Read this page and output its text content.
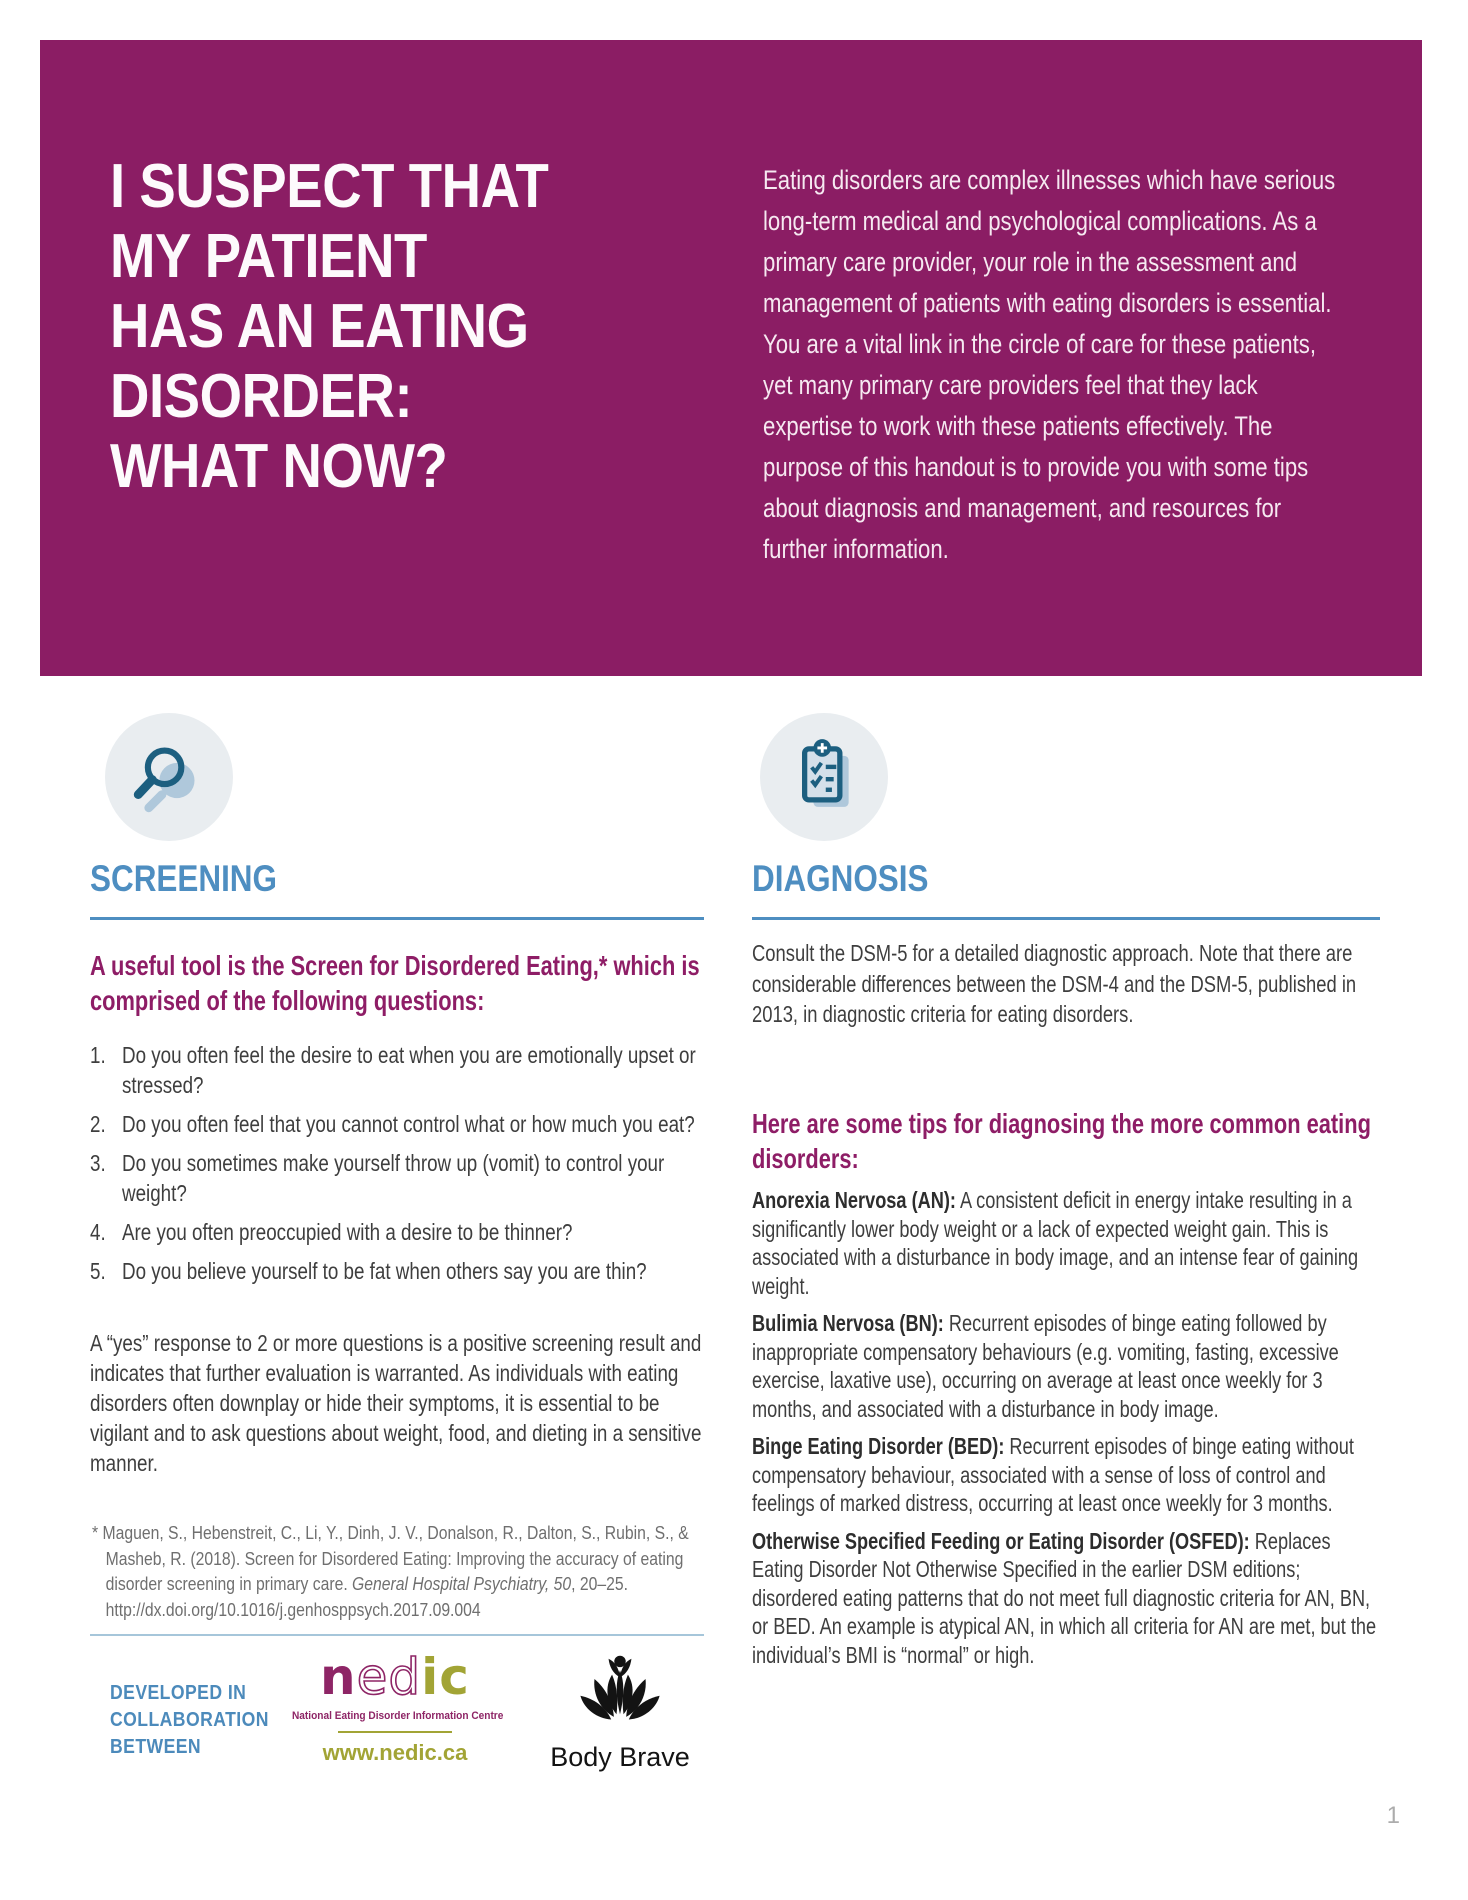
I SUSPECT THAT
MY PATIENT
HAS AN EATING
DISORDER:
WHAT NOW?
Eating disorders are complex illnesses which have serious long-term medical and psychological complications. As a primary care provider, your role in the assessment and management of patients with eating disorders is essential. You are a vital link in the circle of care for these patients, yet many primary care providers feel that they lack expertise to work with these patients effectively. The purpose of this handout is to provide you with some tips about diagnosis and management, and resources for further information.
SCREENING	DIAGNOSIS
A useful tool is the Screen for Disordered Eating,* which is comprised of the following questions:
1. Do you often feel the desire to eat when you are emotionally upset or stressed?
2. Do you often feel that you cannot control what or how much you eat?
3. Do you sometimes make yourself throw up (vomit) to control your weight?
4. Are you often preoccupied with a desire to be thinner?
5. Do you believe yourself to be fat when others say you are thin?
A “yes” response to 2 or more questions is a positive screening result and indicates that further evaluation is warranted. As individuals with eating disorders often downplay or hide their symptoms, it is essential to be vigilant and to ask questions about weight, food, and dieting in a sensitive manner.
* Maguen, S., Hebenstreit, C., Li, Y., Dinh, J. V., Donalson, R., Dalton, S., Rubin, S., & Masheb, R. (2018). Screen for Disordered Eating: Improving the accuracy of eating disorder screening in primary care. General Hospital Psychiatry, 50, 20–25. http://dx.doi.org/10.1016/j.genhosppsych.2017.09.004
Consult the DSM-5 for a detailed diagnostic approach. Note that there are considerable differences between the DSM-4 and the DSM-5, published in 2013, in diagnostic criteria for eating disorders.
Here are some tips for diagnosing the more common eating disorders:

Anorexia Nervosa (AN): A consistent deficit in energy intake resulting in a significantly lower body weight or a lack of expected weight gain. This is associated with a disturbance in body image, and an intense fear of gaining weight.

Bulimia Nervosa (BN): Recurrent episodes of binge eating followed by inappropriate compensatory behaviours (e.g. vomiting, fasting, excessive exercise, laxative use), occurring on average at least once weekly for 3 months, and associated with a disturbance in body image.

Binge Eating Disorder (BED): Recurrent episodes of binge eating without compensatory behaviour, associated with a sense of loss of control and feelings of marked distress, occurring at least once weekly for 3 months.

Otherwise Specified Feeding or Eating Disorder (OSFED): Replaces Eating Disorder Not Otherwise Specified in the earlier DSM editions; disordered eating patterns that do not meet full diagnostic criteria for AN, BN, or BED. An example is atypical AN, in which all criteria for AN are met, but the individual’s BMI is “normal” or high.

DEVELOPED IN
COLLABORATION
BETWEEN
nedic
National Eating Disorder Information Centre
www.nedic.ca	Body Brave
1
